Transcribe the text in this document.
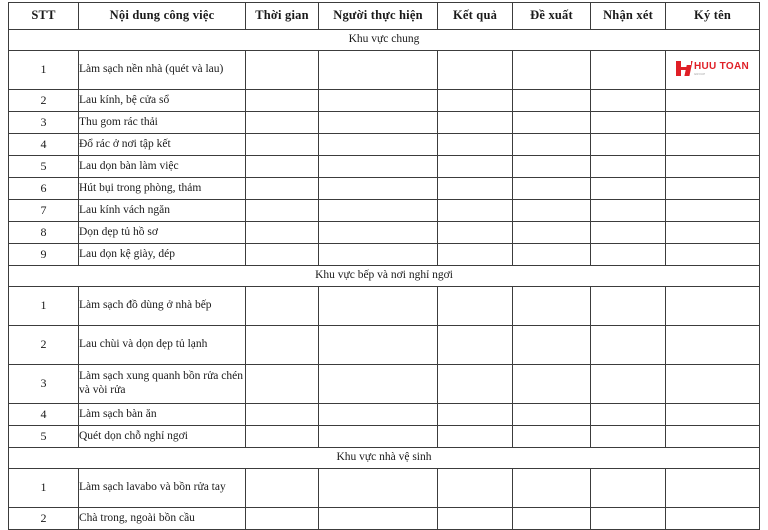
STT	Nội dung công việc	Thời gian	Người thực hiện	Kết quả	Đề xuất	Nhận xét	Ký tên
Khu vực chung							
1	Làm sạch nền nhà (quét và lau)						HUU TOAN
GROUP

2	Lau kính, bệ cửa sổ						
3	Thu gom rác thải						
4	Đổ rác ở nơi tập kết						
5	Lau dọn bàn làm việc						
6	Hút bụi trong phòng, thảm						
7	Lau kính vách ngăn						
8	Dọn dẹp tủ hồ sơ						
9	Lau dọn kệ giày, dép						
Khu vực bếp và nơi nghỉ ngơi							
1	Làm sạch đồ dùng ở nhà bếp						
2	Lau chùi và dọn dẹp tủ lạnh						
3	Làm sạch xung quanh bồn rửa chén và vòi rửa						
4	Làm sạch bàn ăn						
5	Quét dọn chỗ nghỉ ngơi						
Khu vực nhà vệ sinh							
1	Làm sạch lavabo và bồn rửa tay						
2	Chà trong, ngoài bồn cầu						
